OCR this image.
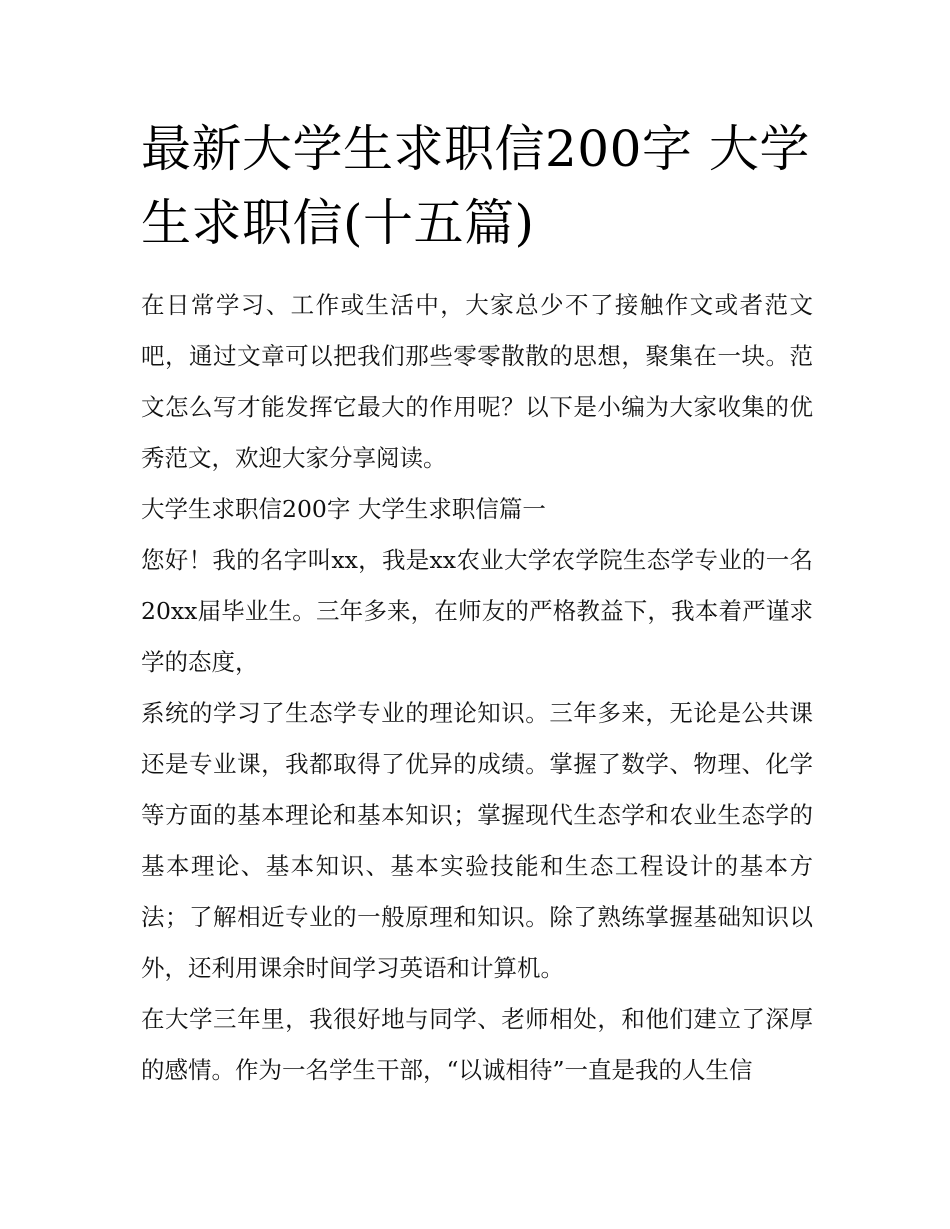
最新大学生求职信200字 大学生求职信(十五篇)

在日常学习、工作或生活中，大家总少不了接触作文或者范文吧，通过文章可以把我们那些零零散散的思想，聚集在一块。范文怎么写才能发挥它最大的作用呢？以下是小编为大家收集的优秀范文，欢迎大家分享阅读。

大学生求职信200字 大学生求职信篇一

您好！我的名字叫xx，我是xx农业大学农学院生态学专业的一名20xx届毕业生。三年多来，在师友的严格教益下，我本着严谨求学的态度，

系统的学习了生态学专业的理论知识。三年多来，无论是公共课还是专业课，我都取得了优异的成绩。掌握了数学、物理、化学等方面的基本理论和基本知识；掌握现代生态学和农业生态学的基本理论、基本知识、基本实验技能和生态工程设计的基本方法；了解相近专业的一般原理和知识。除了熟练掌握基础知识以外，还利用课余时间学习英语和计算机。

在大学三年里，我很好地与同学、老师相处，和他们建立了深厚的感情。作为一名学生干部，“以诚相待”一直是我的人生信
